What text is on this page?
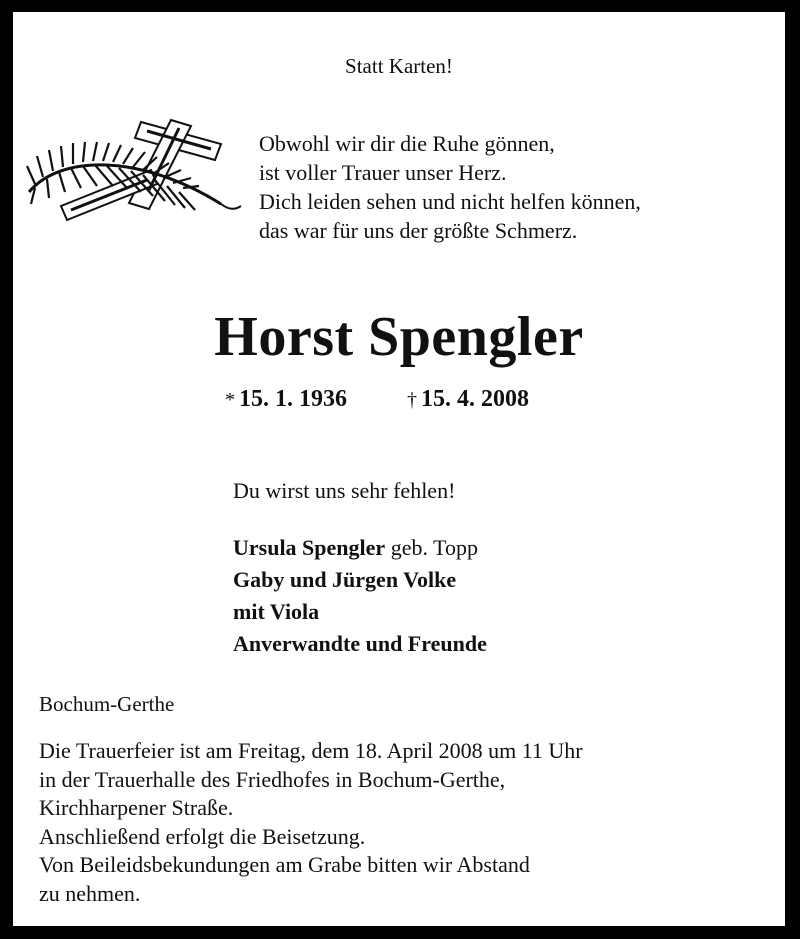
Statt Karten!
Obwohl wir dir die Ruhe gönnen,
ist voller Trauer unser Herz.
Dich leiden sehen und nicht helfen können,
das war für uns der größte Schmerz.
Horst Spengler
* 15. 1. 1936	† 15. 4. 2008
Du wirst uns sehr fehlen!
Ursula Spengler geb. Topp
Gaby und Jürgen Volke
mit Viola
Anverwandte und Freunde
Bochum-Gerthe
Die Trauerfeier ist am Freitag, dem 18. April 2008 um 11 Uhr
in der Trauerhalle des Friedhofes in Bochum-Gerthe,
Kirchharpener Straße.
Anschließend erfolgt die Beisetzung.
Von Beileidsbekundungen am Grabe bitten wir Abstand
zu nehmen.
